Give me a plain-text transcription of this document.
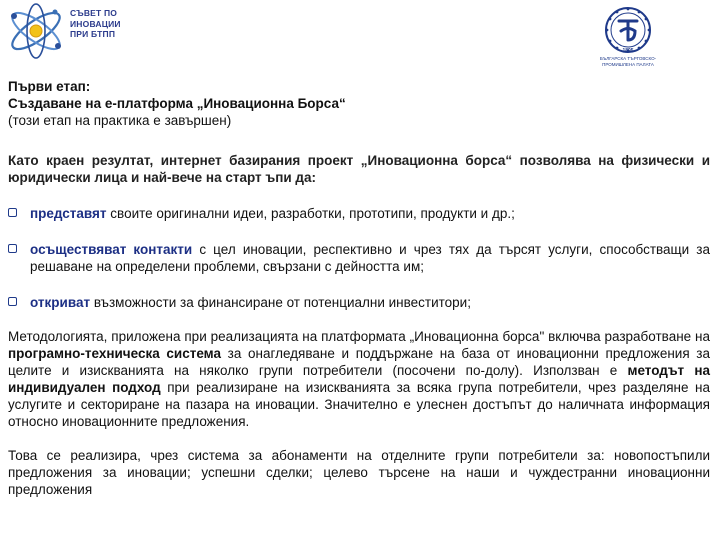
СЪВЕТ ПО
ИНОВАЦИИ
ПРИ БТПП
1895
БЪЛГАРСКА ТЪРГОВСКО-ПРОМИШЛЕНА ПАЛАТА
Първи етап:
Създаване на е-платформа „Иновационна Борса“
(този етап на практика е завършен)

Като краен резултат, интернет базирания проект „Иновационна борса“ позволява на физически и юридически лица и най-вече на старт ъпи да:

представят своите оригинални идеи, разработки, прототипи, продукти и др.;

осъществяват контакти с цел иновации, респективно и чрез тях да търсят услуги, способстващи за решаване на определени проблеми, свързани с дейността им;

откриват възможности за финансиране от потенциални инвеститори;

Методологията, приложена при реализацията на платформата „Иновационна борса" включва разработване на програмно-техническа система за онагледяване и поддържане на база от иновационни предложения за целите и изискванията на няколко групи потребители (посочени по-долу). Използван е методът на индивидуален подход при реализиране на изискванията за всяка група потребители, чрез разделяне на услугите и секториране на пазара на иновации. Значително е улеснен достъпът до наличната информация относно иновационните предложения.

Това се реализира, чрез система за абонаменти на отделните групи потребители за: новопостъпили предложения за иновации; успешни сделки; целево търсене на наши и чуждестранни иновационни предложения
